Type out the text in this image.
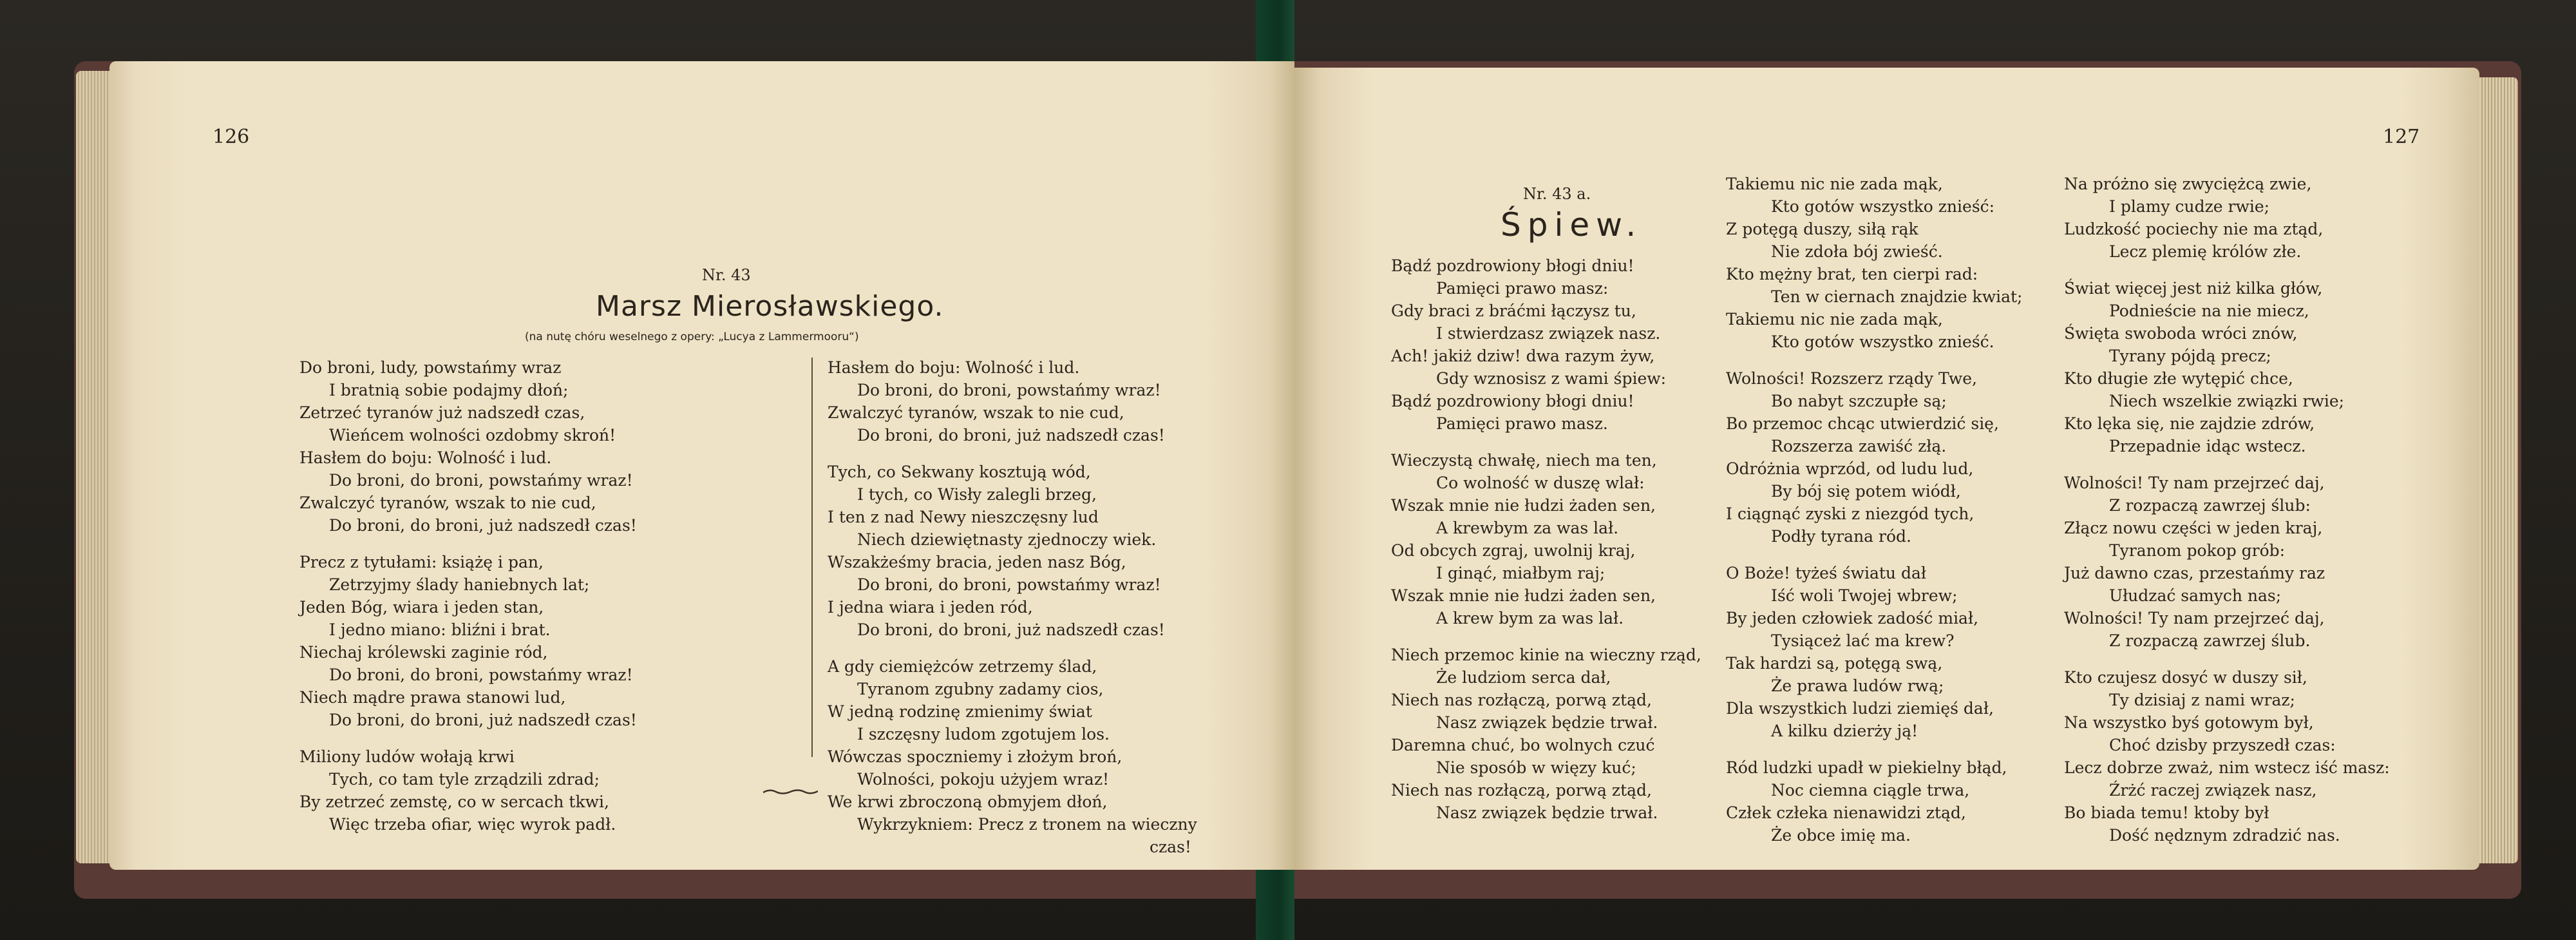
126
Nr. 43
Marsz Mierosławskiego.
(na nutę chóru weselnego z opery: „Lucya z Lammermooru“)
Do broni, ludy, powstańmy wraz
I bratnią sobie podajmy dłoń;
Zetrzeć tyranów już nadszedł czas,
Wieńcem wolności ozdobmy skroń!
Hasłem do boju: Wolność i lud.
Do broni, do broni, powstańmy wraz!
Zwalczyć tyranów, wszak to nie cud,
Do broni, do broni, już nadszedł czas!
Precz z tytułami: książę i pan,
Zetrzyjmy ślady haniebnych lat;
Jeden Bóg, wiara i jeden stan,
I jedno miano: bliźni i brat.
Niechaj królewski zaginie ród,
Do broni, do broni, powstańmy wraz!
Niech mądre prawa stanowi lud,
Do broni, do broni, już nadszedł czas!
Miliony ludów wołają krwi
Tych, co tam tyle zrządzili zdrad;
By zetrzeć zemstę, co w sercach tkwi,
Więc trzeba ofiar, więc wyrok padł.
Hasłem do boju: Wolność i lud.
Do broni, do broni, powstańmy wraz!
Zwalczyć tyranów, wszak to nie cud,
Do broni, do broni, już nadszedł czas!
Tych, co Sekwany kosztują wód,
I tych, co Wisły zalegli brzeg,
I ten z nad Newy nieszczęsny lud
Niech dziewiętnasty zjednoczy wiek.
Wszakżeśmy bracia, jeden nasz Bóg,
Do broni, do broni, powstańmy wraz!
I jedna wiara i jeden ród,
Do broni, do broni, już nadszedł czas!
A gdy ciemiężców zetrzemy ślad,
Tyranom zgubny zadamy cios,
W jedną rodzinę zmienimy świat
I szczęsny ludom zgotujem los.
Wówczas spoczniemy i złożym broń,
Wolności, pokoju użyjem wraz!
We krwi zbroczoną obmyjem dłoń,
Wykrzykniem: Precz z tronem na wieczny
czas!
127
Nr. 43 a.
Śpiew.
Bądź pozdrowiony błogi dniu!
Pamięci prawo masz:
Gdy braci z bráćmi łączysz tu,
I stwierdzasz związek nasz.
Ach! jakiż dziw! dwa razym żyw,
Gdy wznosisz z wami śpiew:
Bądź pozdrowiony błogi dniu!
Pamięci prawo masz.
Wieczystą chwałę, niech ma ten,
Co wolność w duszę wlał:
Wszak mnie nie łudzi żaden sen,
A krewbym za was lał.
Od obcych zgraj, uwolnij kraj,
I ginąć, miałbym raj;
Wszak mnie nie łudzi żaden sen,
A krew bym za was lał.
Niech przemoc kinie na wieczny rząd,
Że ludziom serca dał,
Niech nas rozłączą, porwą ztąd,
Nasz związek będzie trwał.
Daremna chuć, bo wolnych czuć
Nie sposób w więzy kuć;
Niech nas rozłączą, porwą ztąd,
Nasz związek będzie trwał.
Takiemu nic nie zada mąk,
Kto gotów wszystko znieść:
Z potęgą duszy, siłą rąk
Nie zdoła bój zwieść.
Kto mężny brat, ten cierpi rad:
Ten w ciernach znajdzie kwiat;
Takiemu nic nie zada mąk,
Kto gotów wszystko znieść.
Wolności! Rozszerz rządy Twe,
Bo nabyt szczupłe są;
Bo przemoc chcąc utwierdzić się,
Rozszerza zawiść złą.
Odróżnia wprzód, od ludu lud,
By bój się potem wiódł,
I ciągnąć zyski z niezgód tych,
Podły tyrana ród.
O Boże! tyżeś światu dał
Iść woli Twojej wbrew;
By jeden człowiek zadość miał,
Tysiąceż lać ma krew?
Tak hardzi są, potęgą swą,
Że prawa ludów rwą;
Dla wszystkich ludzi ziemięś dał,
A kilku dzierży ją!
Ród ludzki upadł w piekielny błąd,
Noc ciemna ciągle trwa,
Człek człeka nienawidzi ztąd,
Że obce imię ma.
Na próżno się zwyciężcą zwie,
I plamy cudze rwie;
Ludzkość pociechy nie ma ztąd,
Lecz plemię królów złe.
Świat więcej jest niż kilka głów,
Podnieście na nie miecz,
Święta swoboda wróci znów,
Tyrany pójdą precz;
Kto długie złe wytępić chce,
Niech wszelkie związki rwie;
Kto lęka się, nie zajdzie zdrów,
Przepadnie idąc wstecz.
Wolności! Ty nam przejrzeć daj,
Z rozpaczą zawrzej ślub:
Złącz nowu części w jeden kraj,
Tyranom pokop grób:
Już dawno czas, przestańmy raz
Ułudzać samych nas;
Wolności! Ty nam przejrzeć daj,
Z rozpaczą zawrzej ślub.
Kto czujesz dosyć w duszy sił,
Ty dzisiaj z nami wraz;
Na wszystko byś gotowym był,
Choć dzisby przyszedł czas:
Lecz dobrze zważ, nim wstecz iść masz:
Źrżć raczej związek nasz,
Bo biada temu! ktoby był
Dość nędznym zdradzić nas.
